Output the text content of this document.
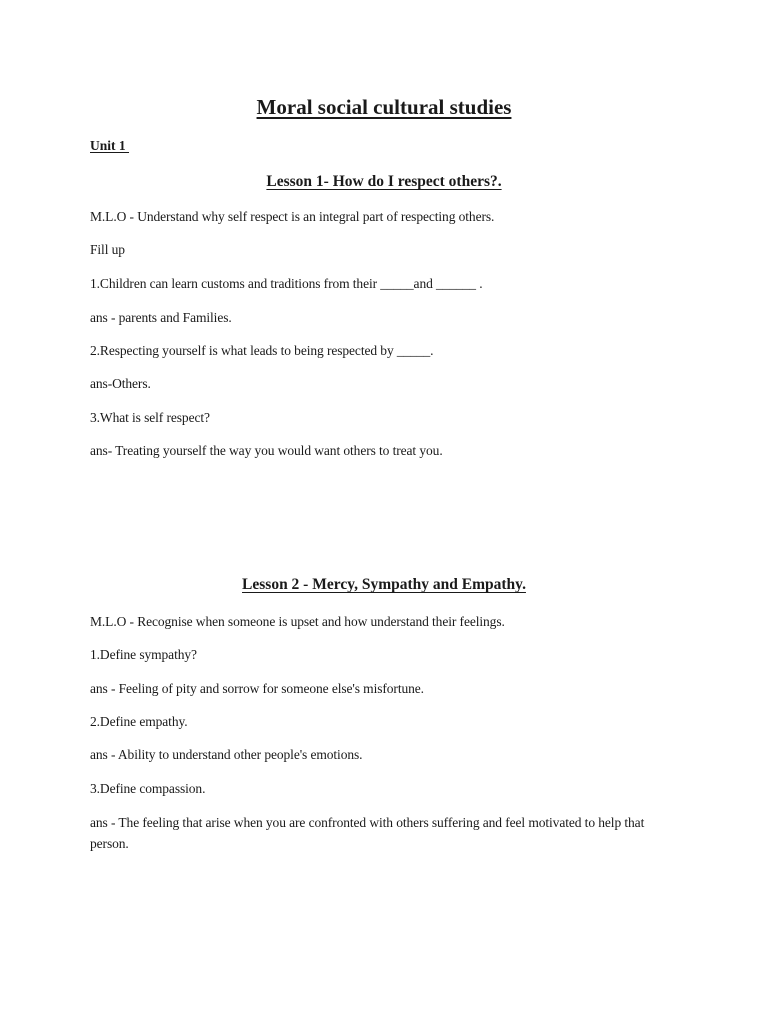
Moral social cultural studies
Unit 1
Lesson 1- How do I respect others?.
M.L.O - Understand why self respect is an integral part of respecting others.
Fill up
1.Children can learn customs and traditions from their _____and ______ .
ans - parents and Families.
2.Respecting yourself is what leads to being respected by _____.
ans-Others.
3.What is self respect?
ans- Treating yourself the way you would want others to treat you.
Lesson 2 - Mercy, Sympathy and Empathy.
M.L.O - Recognise when someone is upset and how understand their feelings.
1.Define sympathy?
ans - Feeling of pity and sorrow for someone else's misfortune.
2.Define empathy.
ans - Ability to understand other people's emotions.
3.Define compassion.
ans - The feeling that arise when you are confronted with others suffering and feel motivated to help that person.
